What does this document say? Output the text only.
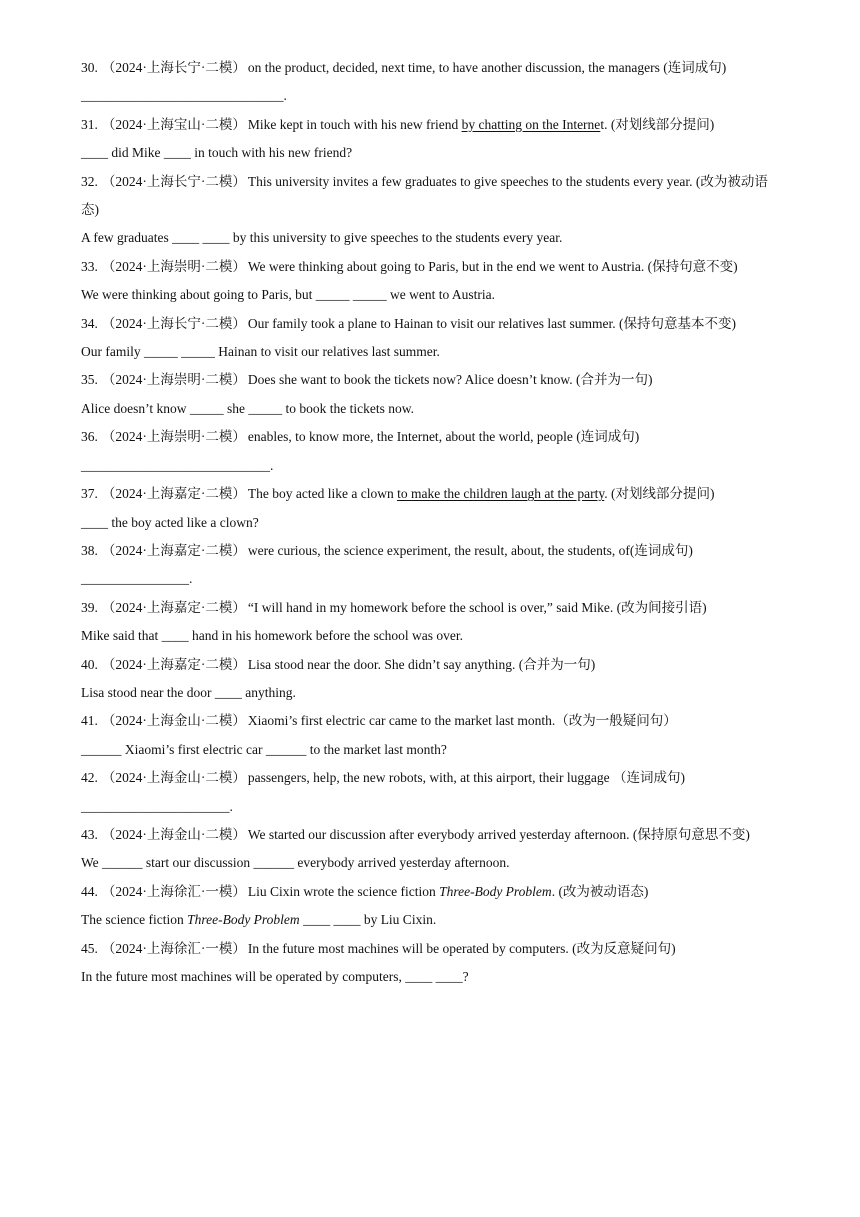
30. （2024·上海长宁·二模） on the product, decided, next time, to have another discussion, the managers (连词成句)
______________________________.
31. （2024·上海宝山·二模） Mike kept in touch with his new friend by chatting on the Internet. (对划线部分提问)
____ did Mike ____ in touch with his new friend?
32. （2024·上海长宁·二模） This university invites a few graduates to give speeches to the students every year. (改为被动语态)
A few graduates ____ ____ by this university to give speeches to the students every year.
33. （2024·上海崇明·二模） We were thinking about going to Paris, but in the end we went to Austria. (保持句意不变)
We were thinking about going to Paris, but _____ _____ we went to Austria.
34. （2024·上海长宁·二模） Our family took a plane to Hainan to visit our relatives last summer. (保持句意基本不变)
Our family _____ _____ Hainan to visit our relatives last summer.
35. （2024·上海崇明·二模） Does she want to book the tickets now? Alice doesn’t know. (合并为一句)
Alice doesn’t know _____ she _____ to book the tickets now.
36. （2024·上海崇明·二模） enables, to know more, the Internet, about the world, people (连词成句)
____________________________.
37. （2024·上海嘉定·二模） The boy acted like a clown to make the children laugh at the party. (对划线部分提问)
____ the boy acted like a clown?
38. （2024·上海嘉定·二模） were curious, the science experiment, the result, about, the students, of(连词成句)
________________.
39. （2024·上海嘉定·二模） “I will hand in my homework before the school is over,” said Mike. (改为间接引语)
Mike said that ____ hand in his homework before the school was over.
40. （2024·上海嘉定·二模） Lisa stood near the door. She didn’t say anything. (合并为一句)
Lisa stood near the door ____ anything.
41. （2024·上海金山·二模） Xiaomi’s first electric car came to the market last month.（改为一般疑问句）
______ Xiaomi’s first electric car ______ to the market last month?
42. （2024·上海金山·二模） passengers, help, the new robots, with, at this airport, their luggage （连词成句)
______________________.
43. （2024·上海金山·二模） We started our discussion after everybody arrived yesterday afternoon. (保持原句意思不变)
We ______ start our discussion ______ everybody arrived yesterday afternoon.
44. （2024·上海徐汇·一模） Liu Cixin wrote the science fiction Three-Body Problem. (改为被动语态)
The science fiction Three-Body Problem ____ ____ by Liu Cixin.
45. （2024·上海徐汇·一模） In the future most machines will be operated by computers. (改为反意疑问句)
In the future most machines will be operated by computers, ____ ____?
